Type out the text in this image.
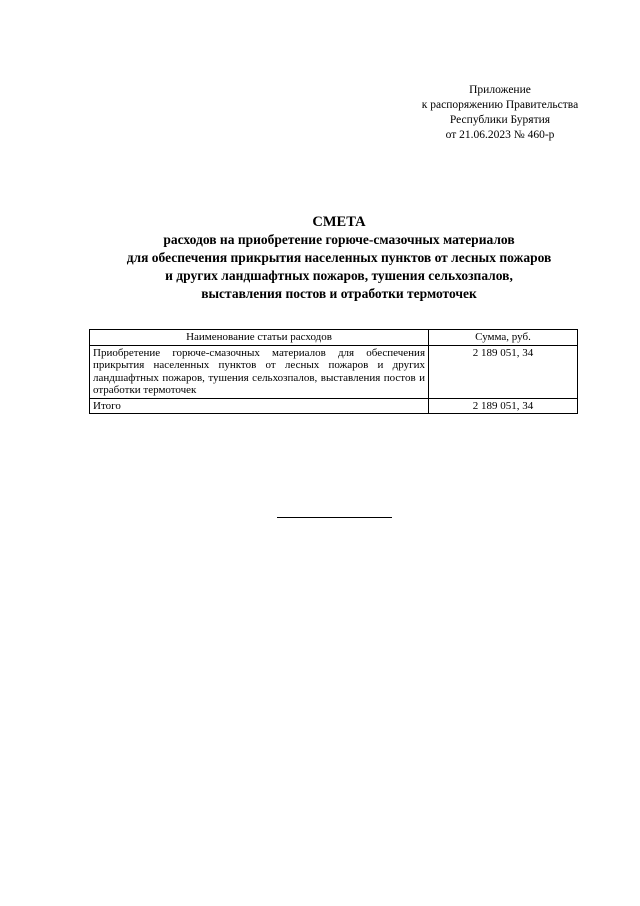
Приложение
к распоряжению Правительства
Республики Бурятия
от 21.06.2023 № 460-р
СМЕТА
расходов на приобретение горюче-смазочных материалов
для обеспечения прикрытия населенных пунктов от лесных пожаров
и других ландшафтных пожаров, тушения сельхозпалов,
выставления постов и отработки термоточек
Наименование статьи расходов	Сумма, руб.
Приобретение горюче-смазочных материалов для обеспечения прикрытия населенных пунктов от лесных пожаров и других ландшафтных пожаров, тушения сельхозпалов, выставления постов и отработки термоточек	2 189 051, 34
Итого	2 189 051, 34
